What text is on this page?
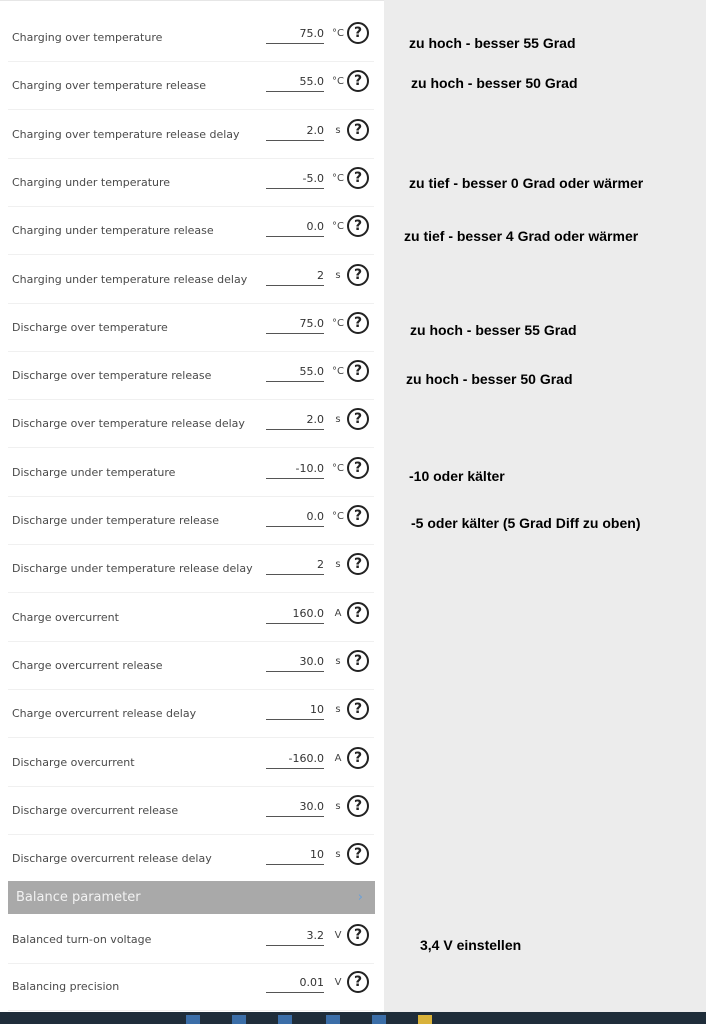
Charging over temperature	75.0 °C ?
Charging over temperature release	55.0 °C ?
Charging over temperature release delay	2.0	s ?
Charging under temperature	-5.0 °C ?
Charging under temperature release	0.0 °C ?
Charging under temperature release delay	2	s ?
Discharge over temperature	75.0 °C ?
Discharge over temperature release	55.0 °C ?
Discharge over temperature release delay	2.0	s ?
Discharge under temperature	-10.0 °C ?
Discharge under temperature release	0.0 °C ?
Discharge under temperature release delay	2	s ?
Charge overcurrent	160.0	A ?
Charge overcurrent release	30.0	s ?
Charge overcurrent release delay	10	s ?
Discharge overcurrent	-160.0	A ?
Discharge overcurrent release	30.0	s ?
Discharge overcurrent release delay	10	s ?
Balance parameter	›
Balanced turn-on voltage	3.2	V ?
Balancing precision	0.01	V ?
zu hoch - besser 55 Grad
zu hoch - besser 50 Grad
zu tief - besser 0 Grad oder wärmer
zu tief - besser 4 Grad oder wärmer
zu hoch - besser 55 Grad
zu hoch - besser 50 Grad
-10 oder kälter
-5 oder kälter (5 Grad Diff zu oben)
3,4 V einstellen
